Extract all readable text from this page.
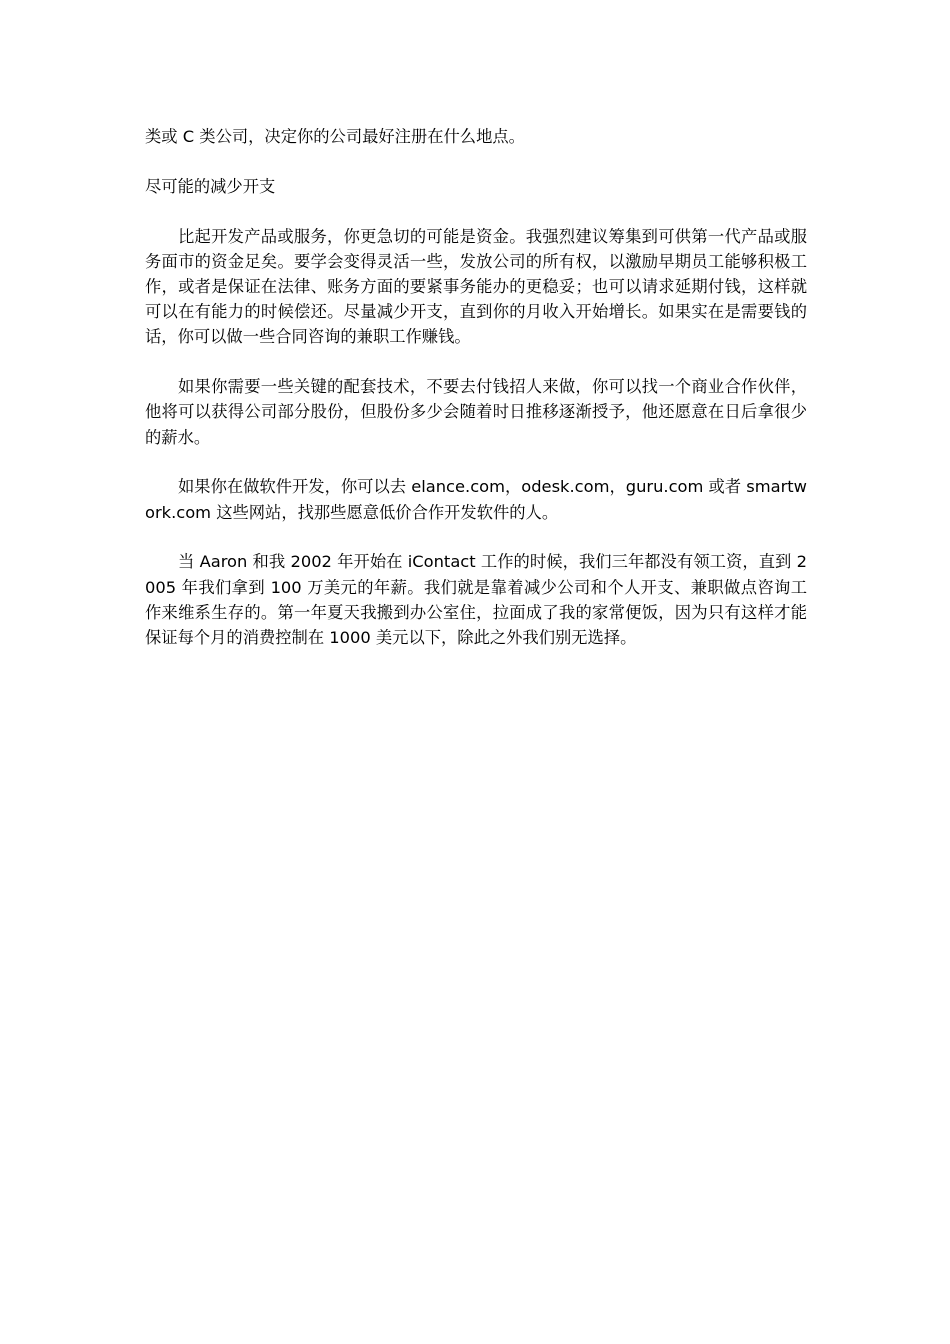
类或 C 类公司，决定你的公司最好注册在什么地点。

尽可能的减少开支

比起开发产品或服务，你更急切的可能是资金。我强烈建议筹集到可供第一代产品或服务面市的资金足矣。要学会变得灵活一些，发放公司的所有权，以激励早期员工能够积极工作，或者是保证在法律、账务方面的要紧事务能办的更稳妥；也可以请求延期付钱，这样就可以在有能力的时候偿还。尽量减少开支，直到你的月收入开始增长。如果实在是需要钱的话，你可以做一些合同咨询的兼职工作赚钱。

如果你需要一些关键的配套技术，不要去付钱招人来做，你可以找一个商业合作伙伴，他将可以获得公司部分股份，但股份多少会随着时日推移逐渐授予，他还愿意在日后拿很少的薪水。

如果你在做软件开发，你可以去 elance.com，odesk.com，guru.com 或者 smartwork.com 这些网站，找那些愿意低价合作开发软件的人。

当 Aaron 和我 2002 年开始在 iContact 工作的时候，我们三年都没有领工资，直到 2005 年我们拿到 100 万美元的年薪。我们就是靠着减少公司和个人开支、兼职做点咨询工作来维系生存的。第一年夏天我搬到办公室住，拉面成了我的家常便饭，因为只有这样才能保证每个月的消费控制在 1000 美元以下，除此之外我们别无选择。
